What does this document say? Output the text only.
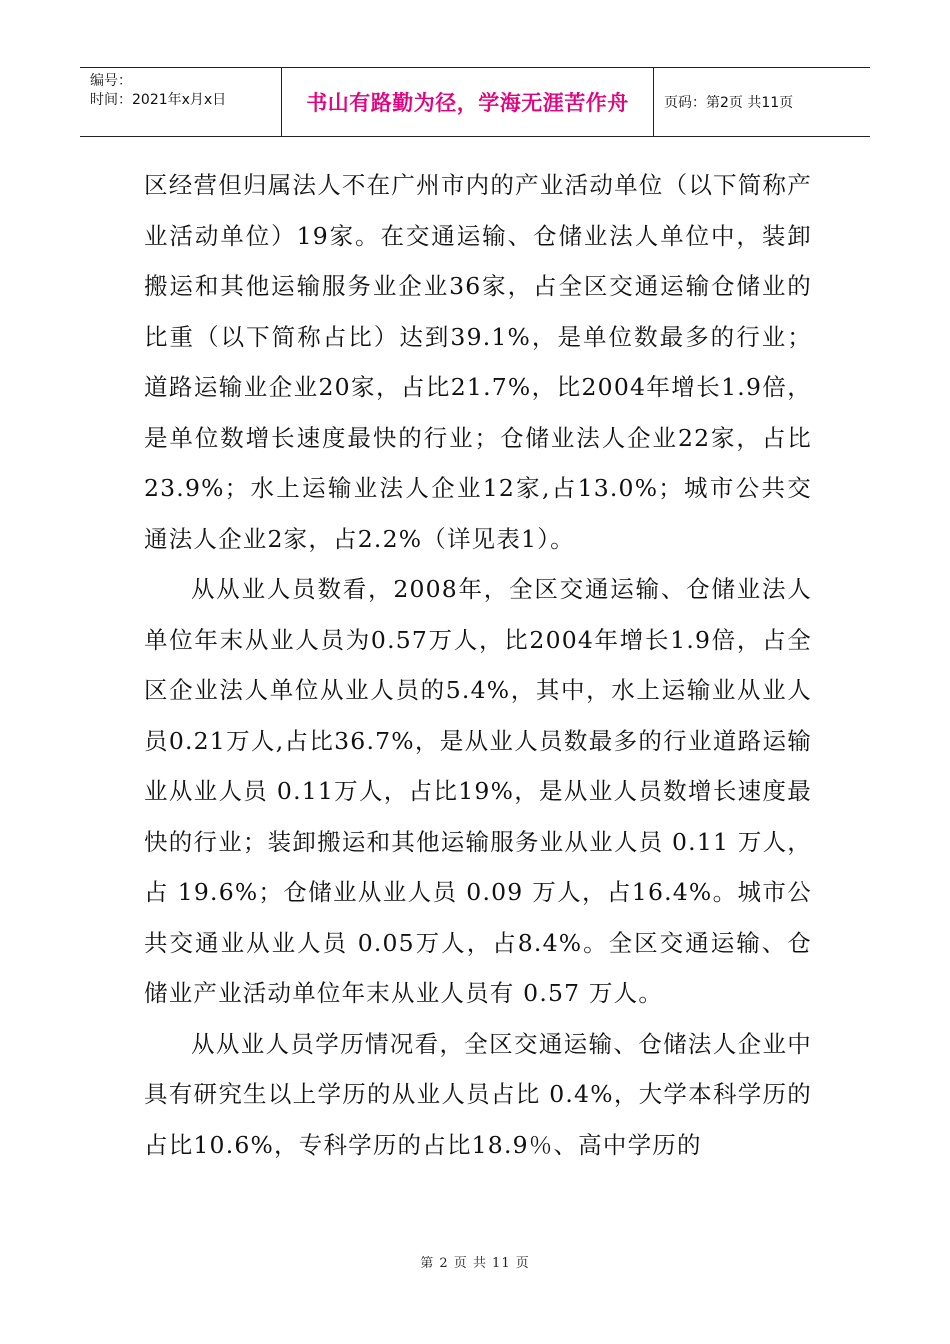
编号：
时间：2021年x月x日	书山有路勤为径，学海无涯苦作舟	页码：第2页 共11页

区经营但归属法人不在广州市内的产业活动单位（以下简称产业活动单位）19家。在交通运输、仓储业法人单位中，装卸搬运和其他运输服务业企业36家，占全区交通运输仓储业的比重（以下简称占比）达到39.1%，是单位数最多的行业；道路运输业企业20家，占比21.7%，比2004年增长1.9倍，是单位数增长速度最快的行业；仓储业法人企业22家，占比23.9%；水上运输业法人企业12家,占13.0%；城市公共交通法人企业2家，占2.2%（详见表1）。

从从业人员数看，2008年，全区交通运输、仓储业法人单位年末从业人员为0.57万人，比2004年增长1.9倍，占全区企业法人单位从业人员的5.4%，其中，水上运输业从业人员0.21万人,占比36.7%，是从业人员数最多的行业道路运输业从业人员 0.11万人，占比19%，是从业人员数增长速度最快的行业；装卸搬运和其他运输服务业从业人员 0.11 万人，占 19.6%；仓储业从业人员 0.09 万人，占16.4%。城市公共交通业从业人员 0.05万人，占8.4%。全区交通运输、仓储业产业活动单位年末从业人员有 0.57 万人。

从从业人员学历情况看，全区交通运输、仓储法人企业中具有研究生以上学历的从业人员占比 0.4%，大学本科学历的占比10.6%，专科学历的占比18.9％、高中学历的

第 2 页 共 11 页
